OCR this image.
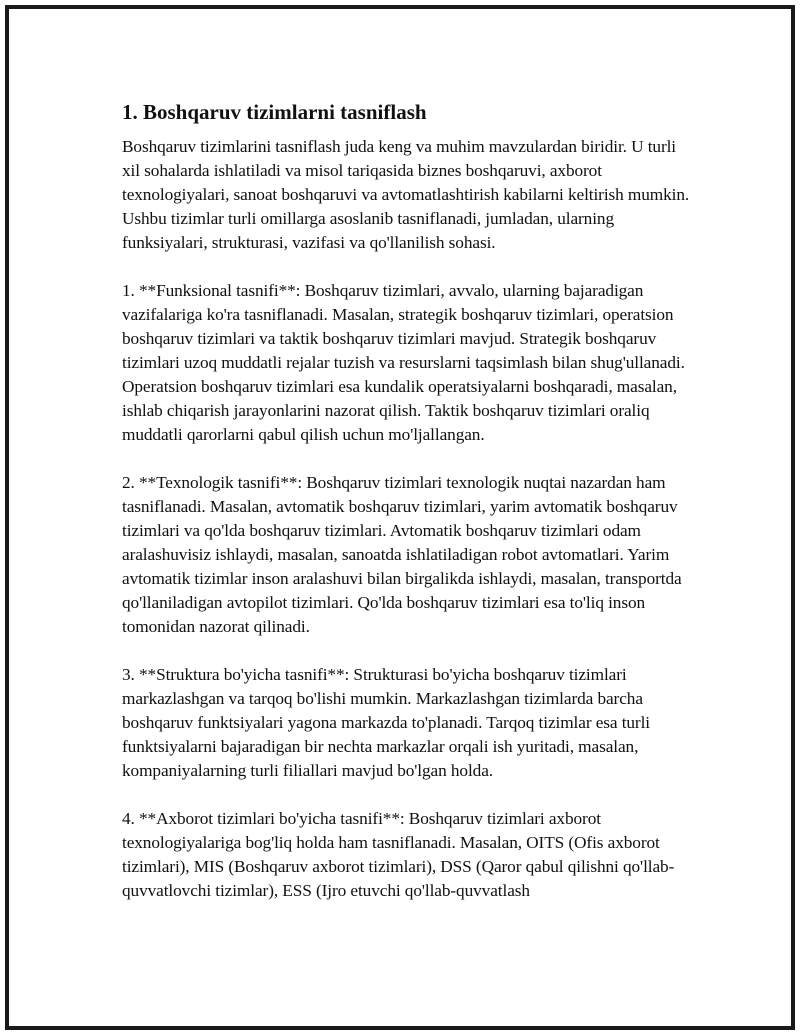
1. Boshqaruv tizimlarni tasniflash

Boshqaruv tizimlarini tasniflash juda keng va muhim mavzulardan biridir. U turli xil sohalarda ishlatiladi va misol tariqasida biznes boshqaruvi, axborot texnologiyalari, sanoat boshqaruvi va avtomatlashtirish kabilarni keltirish mumkin. Ushbu tizimlar turli omillarga asoslanib tasniflanadi, jumladan, ularning funksiyalari, strukturasi, vazifasi va qo'llanilish sohasi.

1. **Funksional tasnifi**: Boshqaruv tizimlari, avvalo, ularning bajaradigan vazifalariga ko'ra tasniflanadi. Masalan, strategik boshqaruv tizimlari, operatsion boshqaruv tizimlari va taktik boshqaruv tizimlari mavjud. Strategik boshqaruv tizimlari uzoq muddatli rejalar tuzish va resurslarni taqsimlash bilan shug'ullanadi. Operatsion boshqaruv tizimlari esa kundalik operatsiyalarni boshqaradi, masalan, ishlab chiqarish jarayonlarini nazorat qilish. Taktik boshqaruv tizimlari oraliq muddatli qarorlarni qabul qilish uchun mo'ljallangan.

2. **Texnologik tasnifi**: Boshqaruv tizimlari texnologik nuqtai nazardan ham tasniflanadi. Masalan, avtomatik boshqaruv tizimlari, yarim avtomatik boshqaruv tizimlari va qo'lda boshqaruv tizimlari. Avtomatik boshqaruv tizimlari odam aralashuvisiz ishlaydi, masalan, sanoatda ishlatiladigan robot avtomatlari. Yarim avtomatik tizimlar inson aralashuvi bilan birgalikda ishlaydi, masalan, transportda qo'llaniladigan avtopilot tizimlari. Qo'lda boshqaruv tizimlari esa to'liq inson tomonidan nazorat qilinadi.

3. **Struktura bo'yicha tasnifi**: Strukturasi bo'yicha boshqaruv tizimlari markazlashgan va tarqoq bo'lishi mumkin. Markazlashgan tizimlarda barcha boshqaruv funktsiyalari yagona markazda to'planadi. Tarqoq tizimlar esa turli funktsiyalarni bajaradigan bir nechta markazlar orqali ish yuritadi, masalan, kompaniyalarning turli filiallari mavjud bo'lgan holda.

4. **Axborot tizimlari bo'yicha tasnifi**: Boshqaruv tizimlari axborot texnologiyalariga bog'liq holda ham tasniflanadi. Masalan, OITS (Ofis axborot tizimlari), MIS (Boshqaruv axborot tizimlari), DSS (Qaror qabul qilishni qo'llab-quvvatlovchi tizimlar), ESS (Ijro etuvchi qo'llab-quvvatlash
